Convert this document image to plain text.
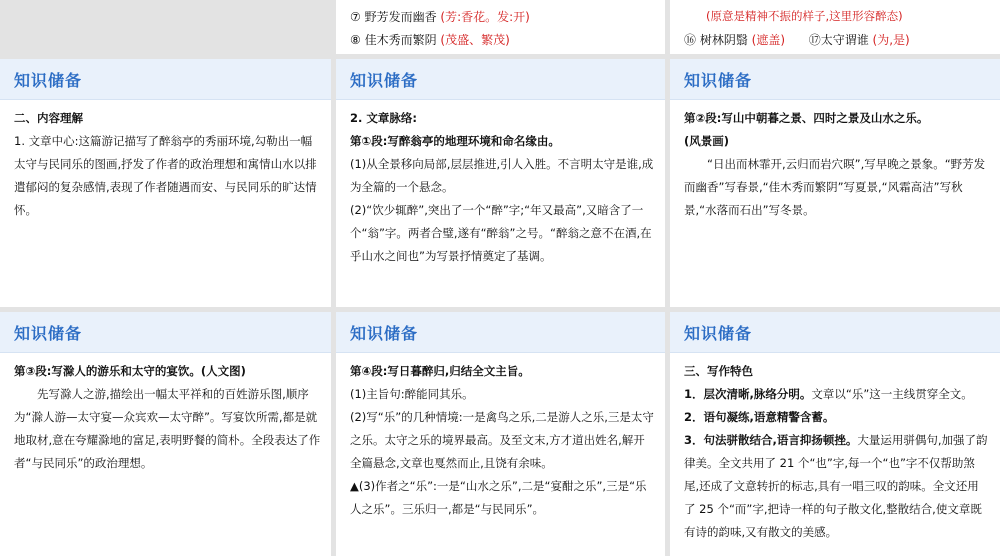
⑦ 野芳发而幽香 (芳:香花。发:开)
⑧ 佳木秀而繁阴 (茂盛、繁茂)
(原意是精神不振的样子,这里形容醉态)
⑯ 树林阴翳 (遮盖) ⑰太守谓谁 (为,是)
知识储备

二、内容理解

1. 文章中心:这篇游记描写了醉翁亭的秀丽环境,勾勒出一幅太守与民同乐的图画,抒发了作者的政治理想和寓情山水以排遣郁闷的复杂感情,表现了作者随遇而安、与民同乐的旷达情怀。

知识储备

2. 文章脉络:

第①段:写醉翁亭的地理环境和命名缘由。

(1)从全景移向局部,层层推进,引人入胜。不言明太守是谁,成为全篇的一个悬念。

(2)“饮少辄醉”,突出了一个“醉”字;“年又最高”,又暗含了一个“翁”字。两者合璧,遂有“醉翁”之号。“醉翁之意不在酒,在乎山水之间也”为写景抒情奠定了基调。

知识储备

第②段:写山中朝暮之景、四时之景及山水之乐。

(风景画)

“日出而林霏开,云归而岩穴暝”,写早晚之景象。“野芳发而幽香”写春景,“佳木秀而繁阴”写夏景,“风霜高洁”写秋景,“水落而石出”写冬景。

知识储备

第③段:写滁人的游乐和太守的宴饮。(人文图)

先写滁人之游,描绘出一幅太平祥和的百姓游乐图,顺序为“滁人游—太守宴—众宾欢—太守醉”。写宴饮所需,都是就地取材,意在夸耀滁地的富足,表明野餐的简朴。全段表达了作者“与民同乐”的政治理想。

知识储备

第④段:写日暮醉归,归结全文主旨。

(1)主旨句:醉能同其乐。

(2)写“乐”的几种情境:一是禽鸟之乐,二是游人之乐,三是太守之乐。太守之乐的境界最高。及至文末,方才道出姓名,解开全篇悬念,文章也戛然而止,且饶有余味。

▲(3)作者之“乐”:一是“山水之乐”,二是“宴酣之乐”,三是“乐人之乐”。三乐归一,都是“与民同乐”。

知识储备

三、写作特色

1．层次清晰,脉络分明。文章以“乐”这一主线贯穿全文。

2．语句凝练,语意精警含蓄。

3．句法骈散结合,语言抑扬顿挫。大量运用骈偶句,加强了韵律美。全文共用了 21 个“也”字,每一个“也”字不仅帮助煞尾,还成了文意转折的标志,具有一唱三叹的韵味。全文还用了 25 个“而”字,把诗一样的句子散文化,整散结合,使文章既有诗的韵味,又有散文的美感。
